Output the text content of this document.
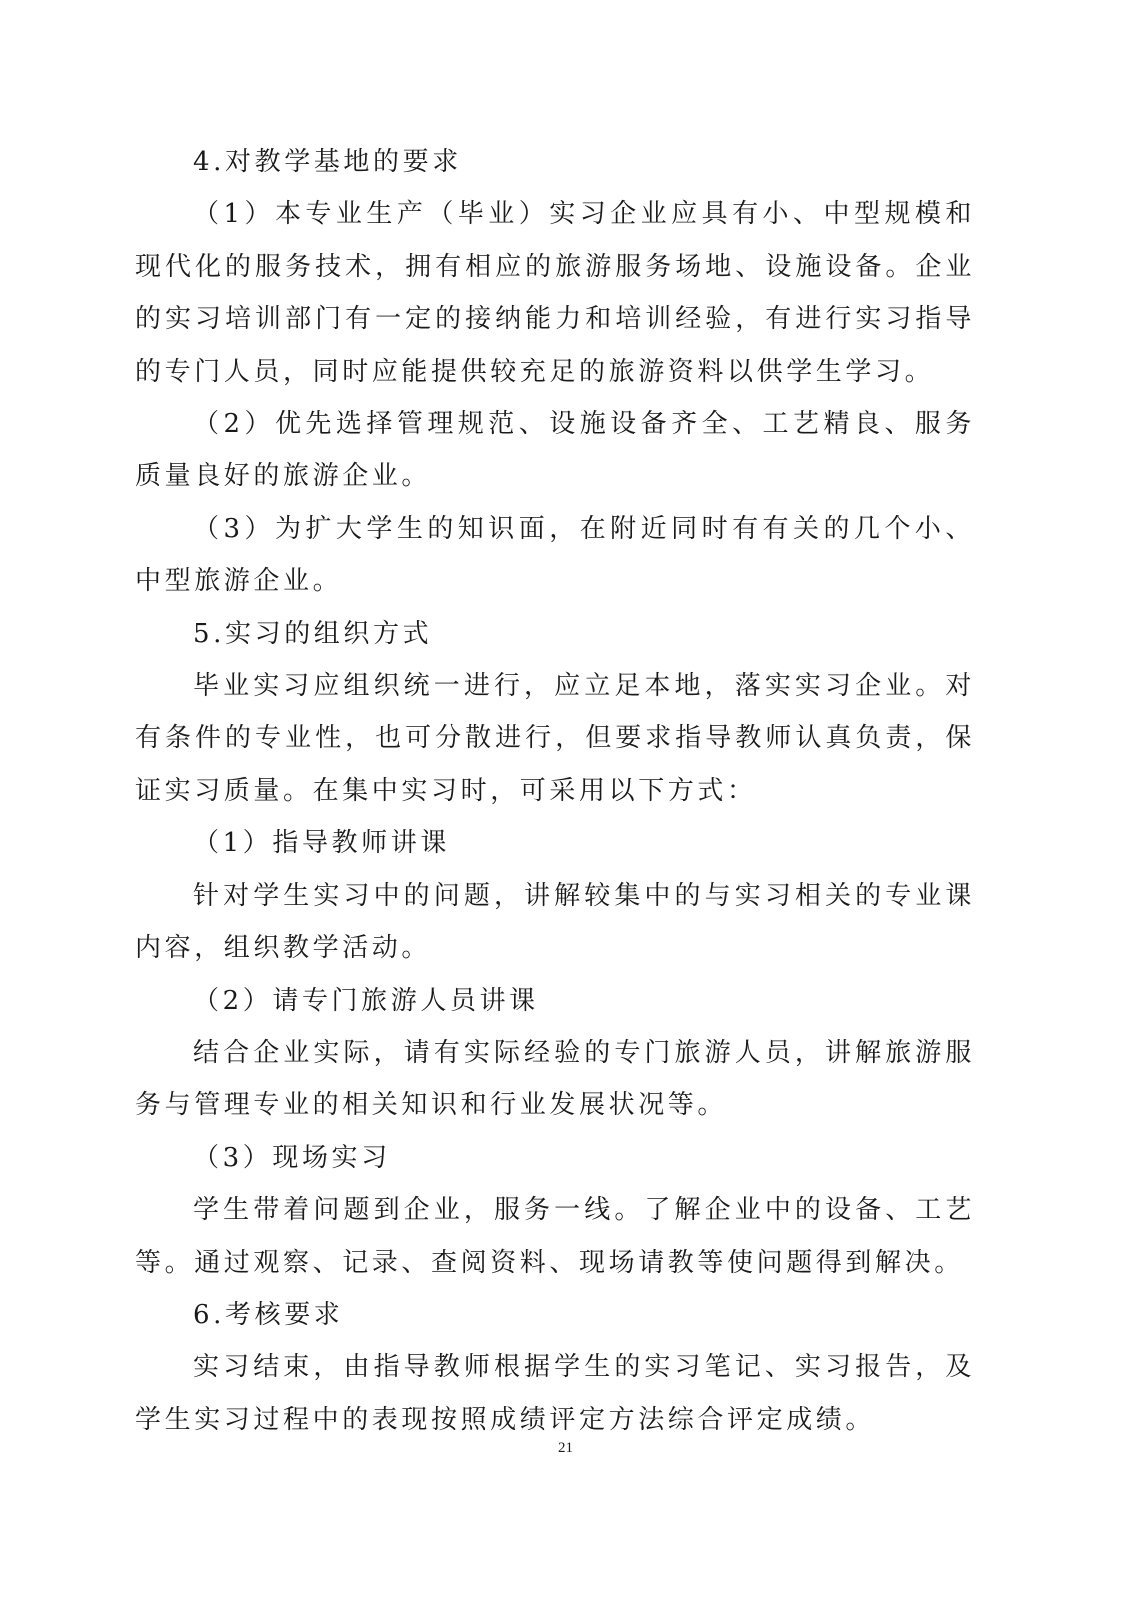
4.对教学基地的要求

（1）本专业生产（毕业）实习企业应具有小、中型规模和现代化的服务技术，拥有相应的旅游服务场地、设施设备。企业的实习培训部门有一定的接纳能力和培训经验，有进行实习指导的专门人员，同时应能提供较充足的旅游资料以供学生学习。

（2）优先选择管理规范、设施设备齐全、工艺精良、服务质量良好的旅游企业。

（3）为扩大学生的知识面，在附近同时有有关的几个小、中型旅游企业。

5.实习的组织方式

毕业实习应组织统一进行，应立足本地，落实实习企业。对有条件的专业性，也可分散进行，但要求指导教师认真负责，保证实习质量。在集中实习时，可采用以下方式：

（1）指导教师讲课

针对学生实习中的问题，讲解较集中的与实习相关的专业课内容，组织教学活动。

（2）请专门旅游人员讲课

结合企业实际，请有实际经验的专门旅游人员，讲解旅游服务与管理专业的相关知识和行业发展状况等。

（3）现场实习

学生带着问题到企业，服务一线。了解企业中的设备、工艺等。通过观察、记录、查阅资料、现场请教等使问题得到解决。

6.考核要求

实习结束，由指导教师根据学生的实习笔记、实习报告，及学生实习过程中的表现按照成绩评定方法综合评定成绩。

21
